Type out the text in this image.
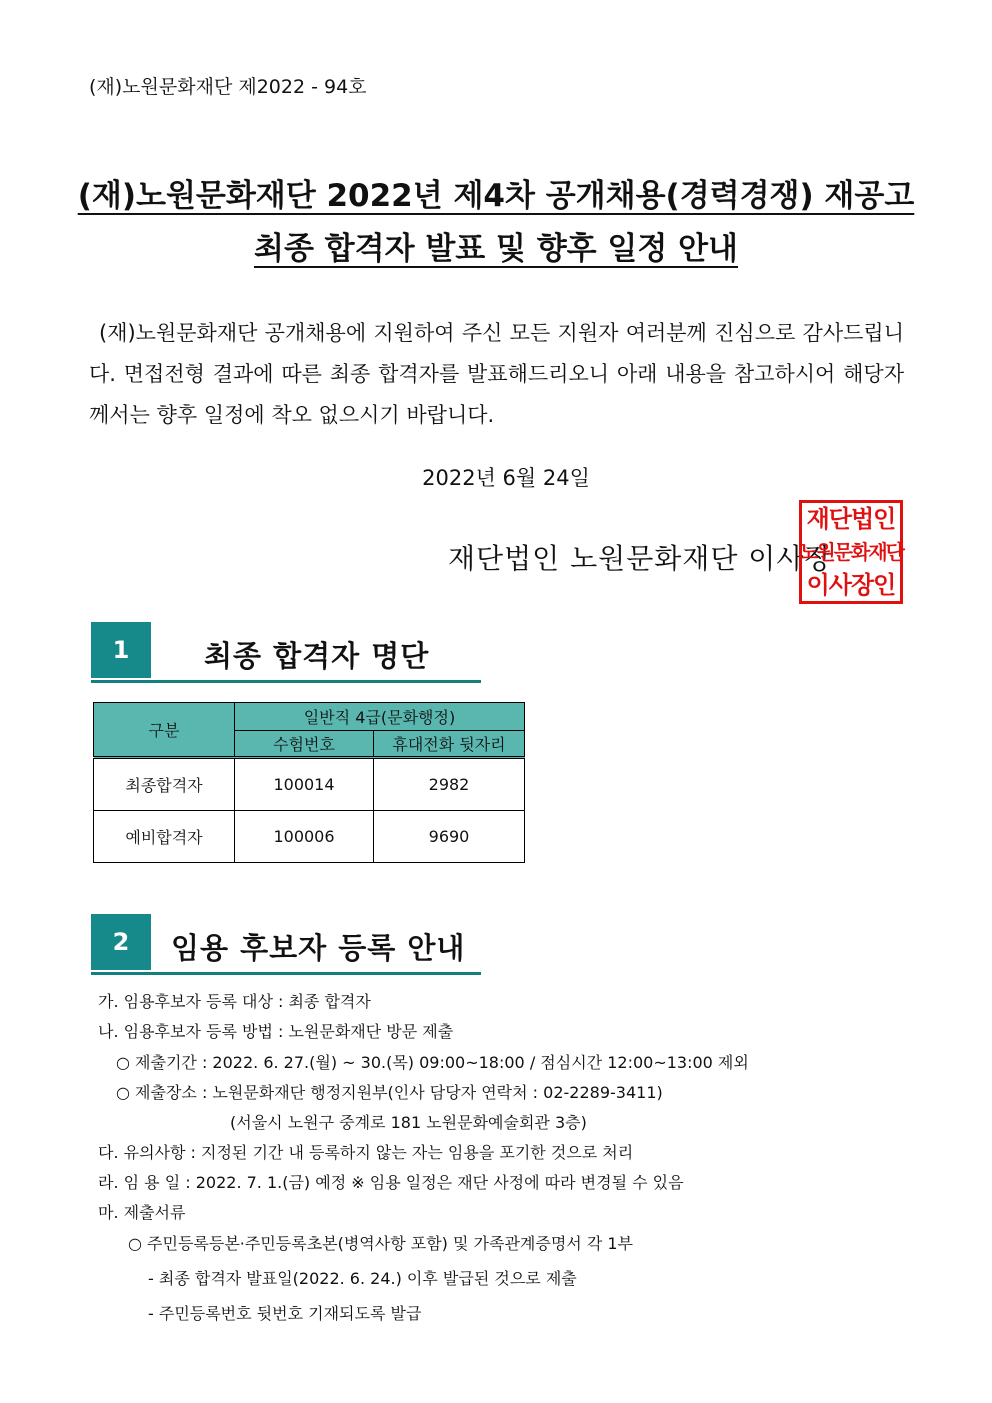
(재)노원문화재단 제2022 - 94호
(재)노원문화재단 2022년 제4차 공개채용(경력경쟁) 재공고
최종 합격자 발표 및 향후 일정 안내
(재)노원문화재단 공개채용에 지원하여 주신 모든 지원자 여러분께 진심으로 감사드립니다. 면접전형 결과에 따른 최종 합격자를 발표해드리오니 아래 내용을 참고하시어 해당자께서는 향후 일정에 착오 없으시기 바랍니다.
2022년 6월 24일
재단법인 노원문화재단 이사장
재단법인
노원문화재단
이사장인
1	최종 합격자 명단
구분	일반직 4급(문화행정)	
	수험번호	휴대전화 뒷자리
최종합격자	100014	2982
예비합격자	100006	9690
2	임용 후보자 등록 안내
가. 임용후보자 등록 대상 : 최종 합격자
나. 임용후보자 등록 방법 : 노원문화재단 방문 제출
○ 제출기간 : 2022. 6. 27.(월) ~ 30.(목) 09:00~18:00 / 점심시간 12:00~13:00 제외
○ 제출장소 : 노원문화재단 행정지원부(인사 담당자 연락처 : 02-2289-3411)
(서울시 노원구 중계로 181 노원문화예술회관 3층)
다. 유의사항 : 지정된 기간 내 등록하지 않는 자는 임용을 포기한 것으로 처리
라. 임 용 일 : 2022. 7. 1.(금) 예정 ※ 임용 일정은 재단 사정에 따라 변경될 수 있음
마. 제출서류
○ 주민등록등본·주민등록초본(병역사항 포함) 및 가족관계증명서 각 1부
- 최종 합격자 발표일(2022. 6. 24.) 이후 발급된 것으로 제출
- 주민등록번호 뒷번호 기재되도록 발급
